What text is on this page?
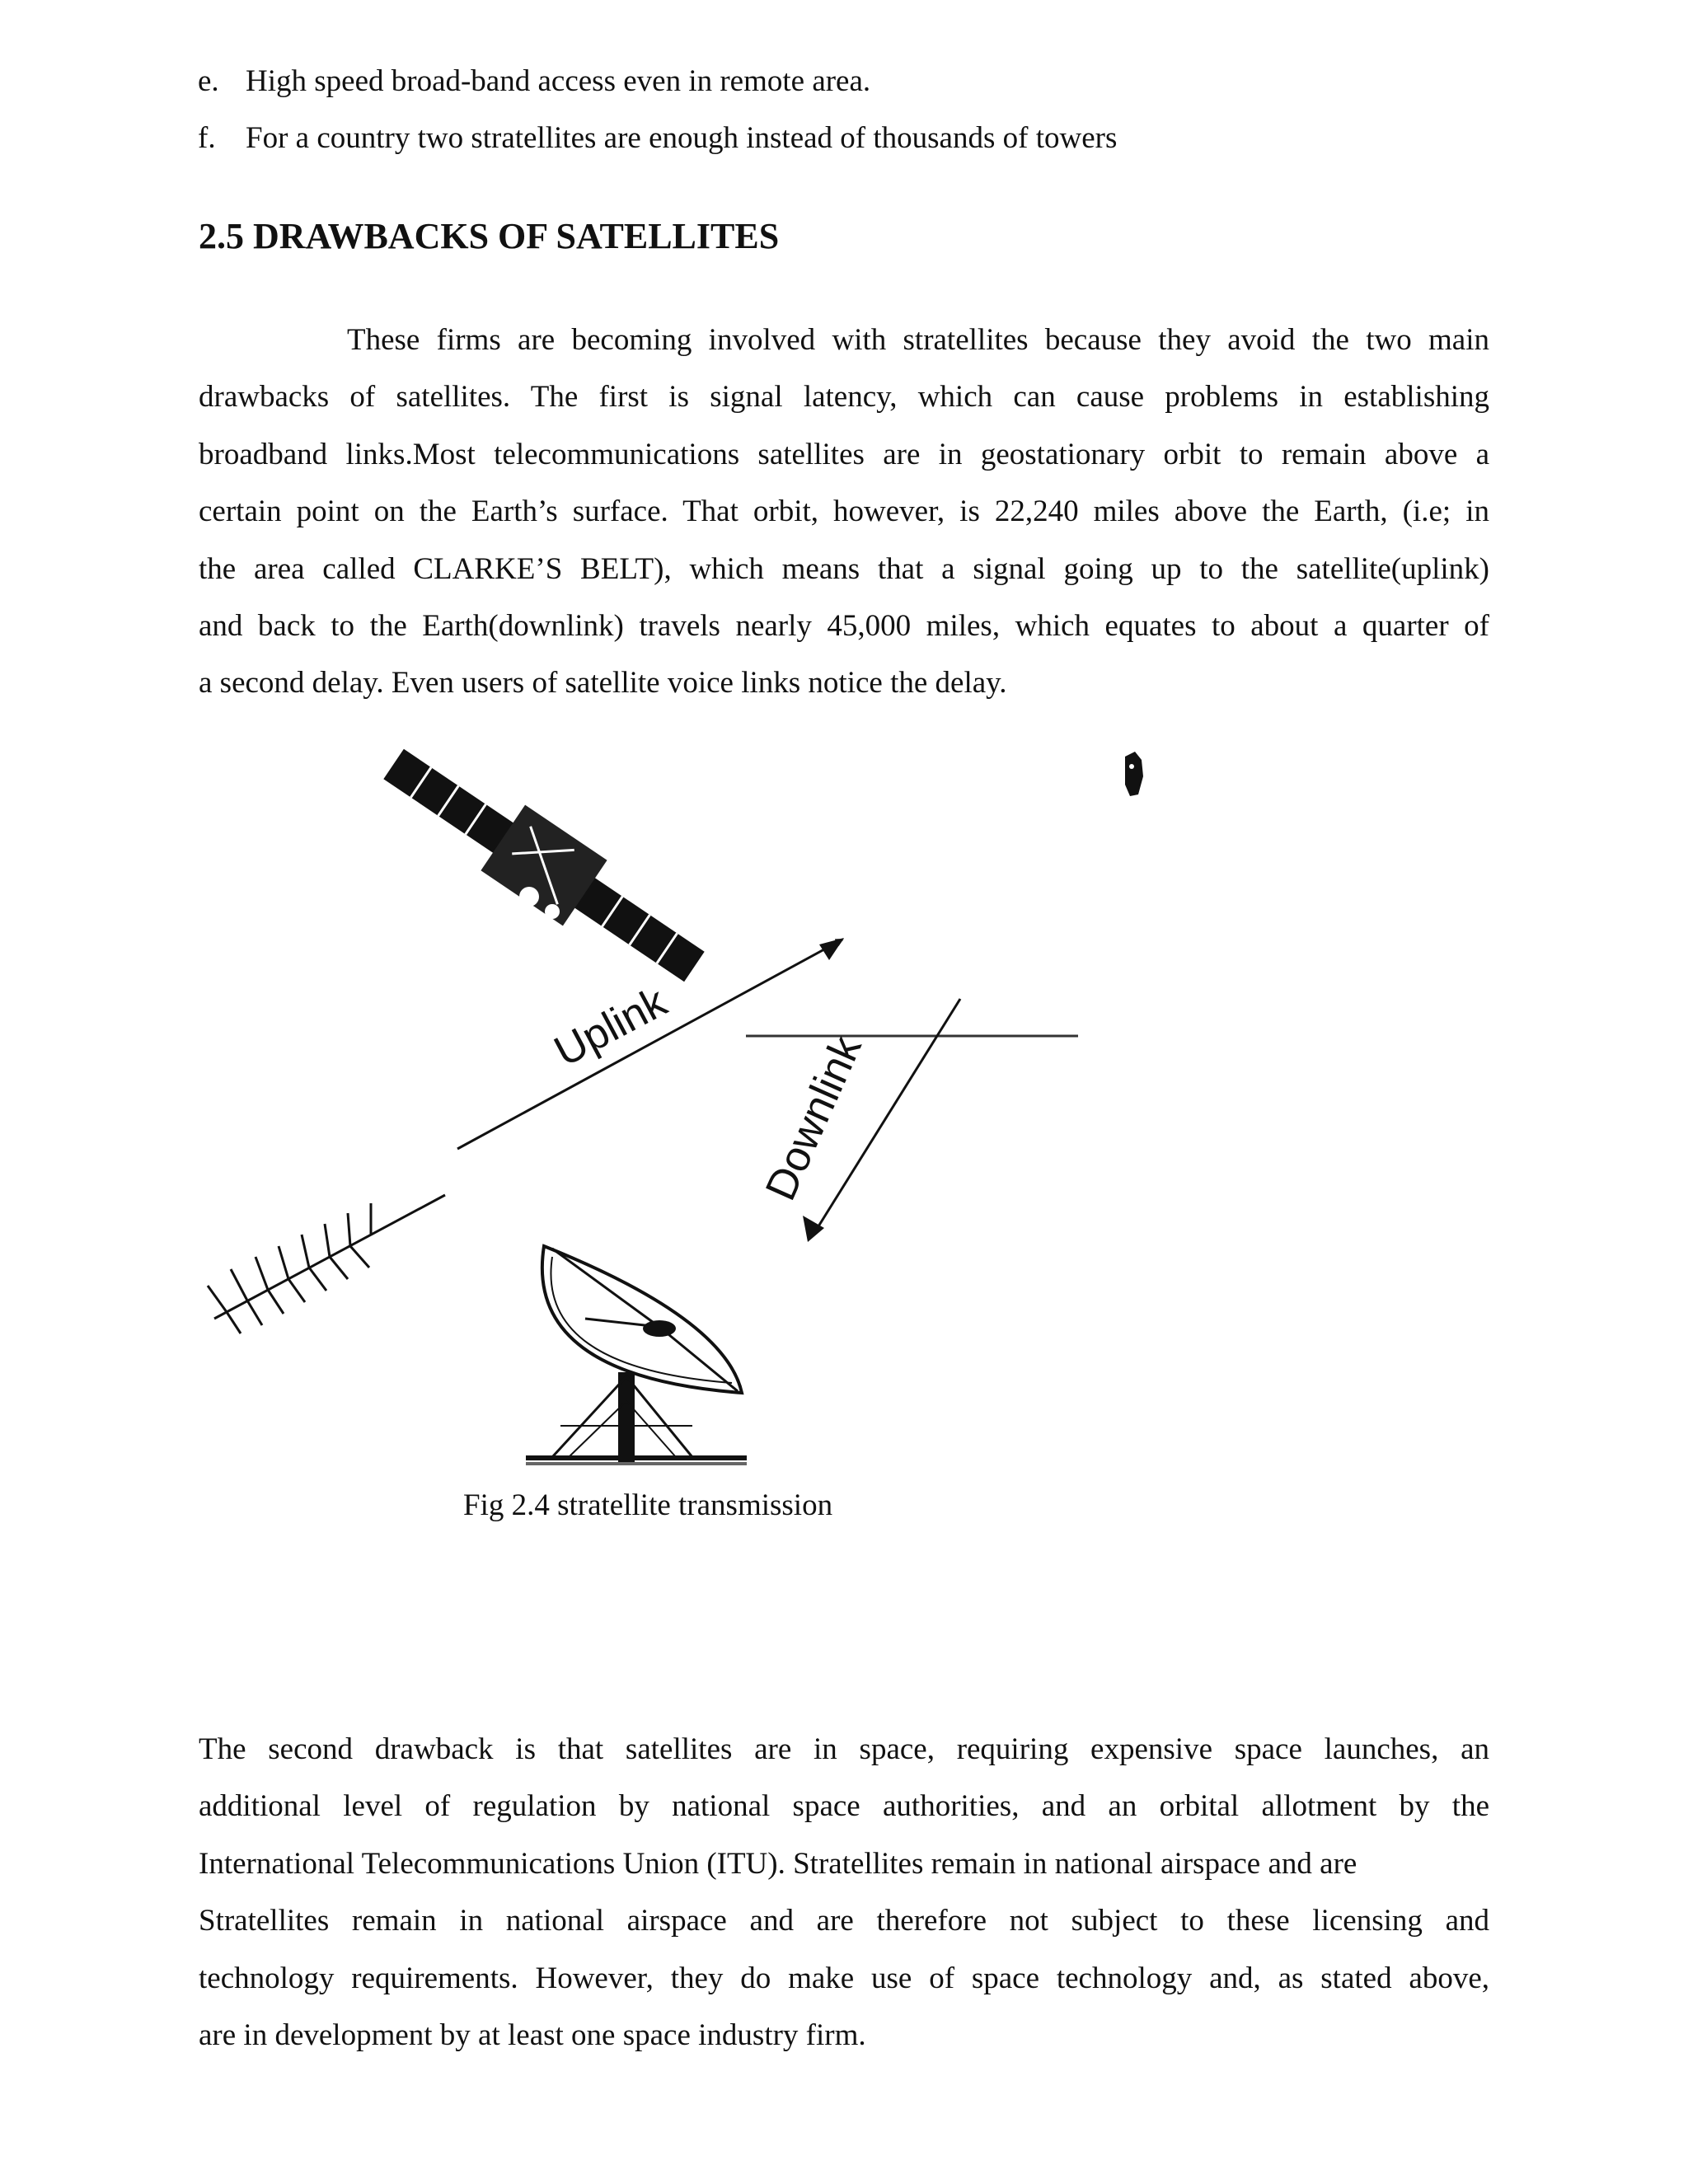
e. High speed broad-band access even in remote area.
f. For a country two stratellites are enough instead of thousands of towers
2.5 DRAWBACKS OF SATELLITES

These firms are becoming involved with stratellites because they avoid the two main
drawbacks of satellites. The first is signal latency, which can cause problems in establishing
broadband links.Most telecommunications satellites are in geostationary orbit to remain above a
certain point on the Earth’s surface. That orbit, however, is 22,240 miles above the Earth, (i.e; in
the area called CLARKE’S BELT), which means that a signal going up to the satellite(uplink)
and back to the Earth(downlink) travels nearly 45,000 miles, which equates to about a quarter of
a second delay. Even users of satellite voice links notice the delay.

Uplink
Downlink
Fig 2.4 stratellite transmission

The second drawback is that satellites are in space, requiring expensive space launches, an
additional level of regulation by national space authorities, and an orbital allotment by the
International Telecommunications Union (ITU). Stratellites remain in national airspace and are
Stratellites remain in national airspace and are therefore not subject to these licensing and
technology requirements. However, they do make use of space technology and, as stated above,
are in development by at least one space industry firm.
